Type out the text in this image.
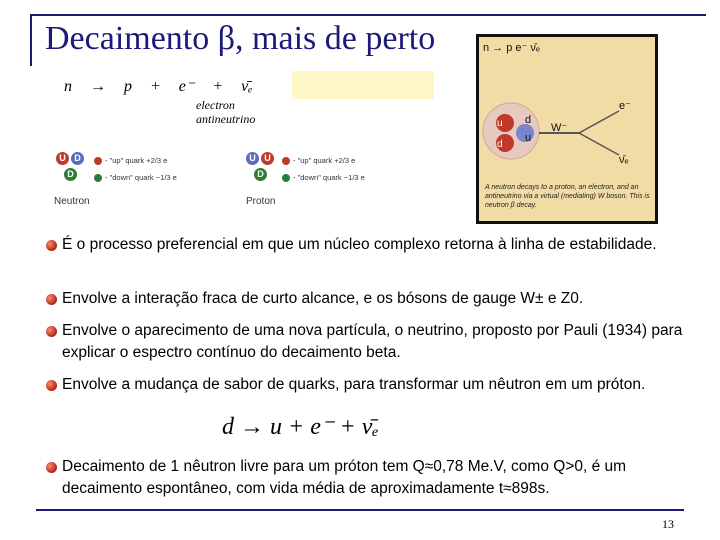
Decaimento β, mais de perto
n → p + e⁻ + ν̄ₑ
electron
antineutrino
U D
D
- "up" quark +2/3 e
- "down" quark −1/3 e
Neutron
U U
D
- "up" quark +2/3 e
- "down" quark −1/3 e
Proton
n → p e⁻ ν̄ₑ
u
d
d
u
W⁻
e⁻
ν̄ₑ
A neutron decays to a proton, an electron, and an antineutrino via a virtual (mediating) W boson. This is neutron β decay.
É o processo preferencial em que um núcleo complexo retorna à linha de estabilidade.
Envolve a interação fraca de curto alcance, e os bósons de gauge W± e Z0.
Envolve o aparecimento de uma nova partícula, o neutrino, proposto por Pauli (1934) para explicar o espectro contínuo do decaimento beta.
Envolve a mudança de sabor de quarks, para transformar um nêutron em um próton.
Decaimento de 1 nêutron livre para um próton tem Q≈0,78 Me.V, como Q>0, é um decaimento espontâneo, com vida média de aproximadamente t≈898s.
d → u + e⁻ + ν̄ₑ
13
